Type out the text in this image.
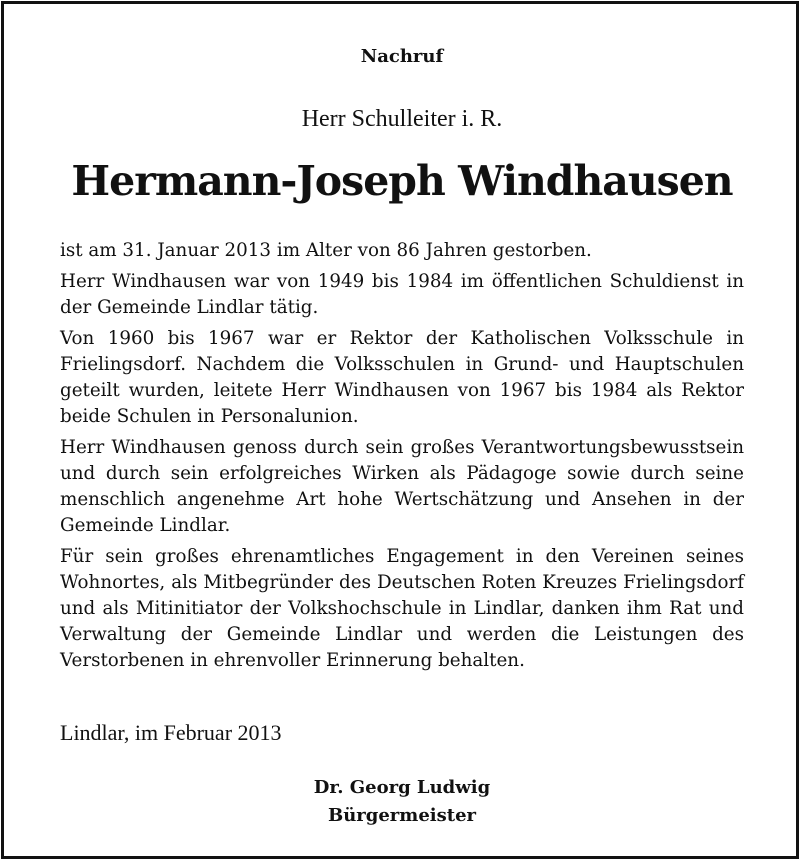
Nachruf
Herr Schulleiter i. R.
Hermann-Joseph Windhausen

ist am 31. Januar 2013 im Alter von 86 Jahren gestorben.

Herr Windhausen war von 1949 bis 1984 im öffentlichen Schuldienst in der Gemeinde Lindlar tätig.

Von 1960 bis 1967 war er Rektor der Katholischen Volksschule in Frielingsdorf. Nachdem die Volksschulen in Grund- und Hauptschulen geteilt wurden, leitete Herr Windhausen von 1967 bis 1984 als Rektor beide Schulen in Personalunion.

Herr Windhausen genoss durch sein großes Verantwortungsbewusstsein und durch sein erfolgreiches Wirken als Pädagoge sowie durch seine menschlich angenehme Art hohe Wertschätzung und Ansehen in der Gemeinde Lindlar.

Für sein großes ehrenamtliches Engagement in den Vereinen seines Wohnortes, als Mitbegründer des Deutschen Roten Kreuzes Frielingsdorf und als Mitinitiator der Volkshochschule in Lindlar, danken ihm Rat und Verwaltung der Gemeinde Lindlar und werden die Leistungen des Verstorbenen in ehrenvoller Erinnerung behalten.

Lindlar, im Februar 2013
Dr. Georg Ludwig
Bürgermeister
